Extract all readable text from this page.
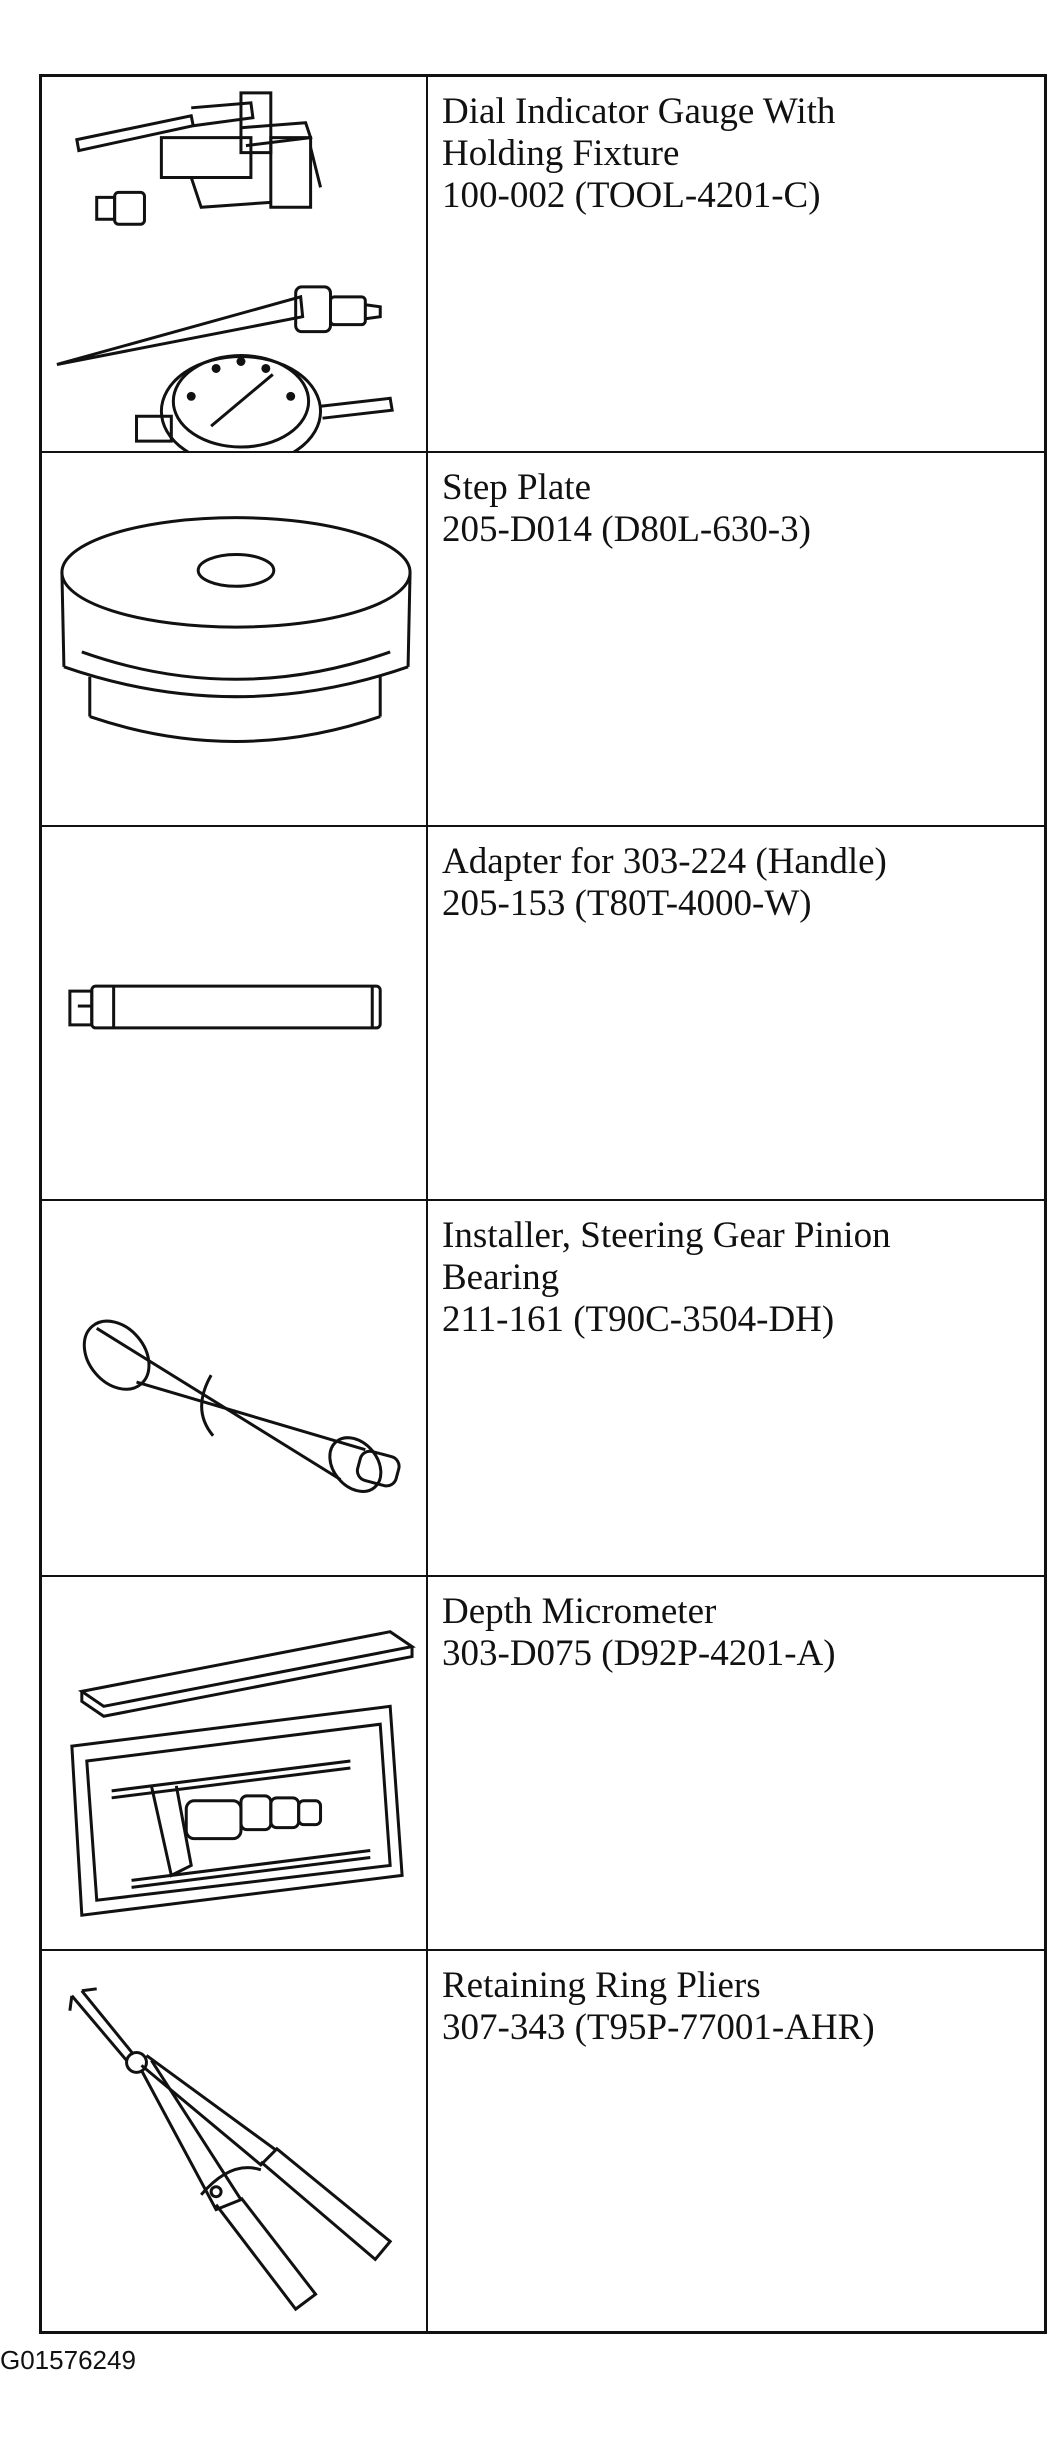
Dial Indicator Gauge With
Holding Fixture
100-002 (TOOL-4201-C)
Step Plate
205-D014 (D80L-630-3)
Adapter for 303-224 (Handle)
205-153 (T80T-4000-W)
Installer, Steering Gear Pinion
Bearing
211-161 (T90C-3504-DH)
Depth Micrometer
303-D075 (D92P-4201-A)
Retaining Ring Pliers
307-343 (T95P-77001-AHR)
G01576249
